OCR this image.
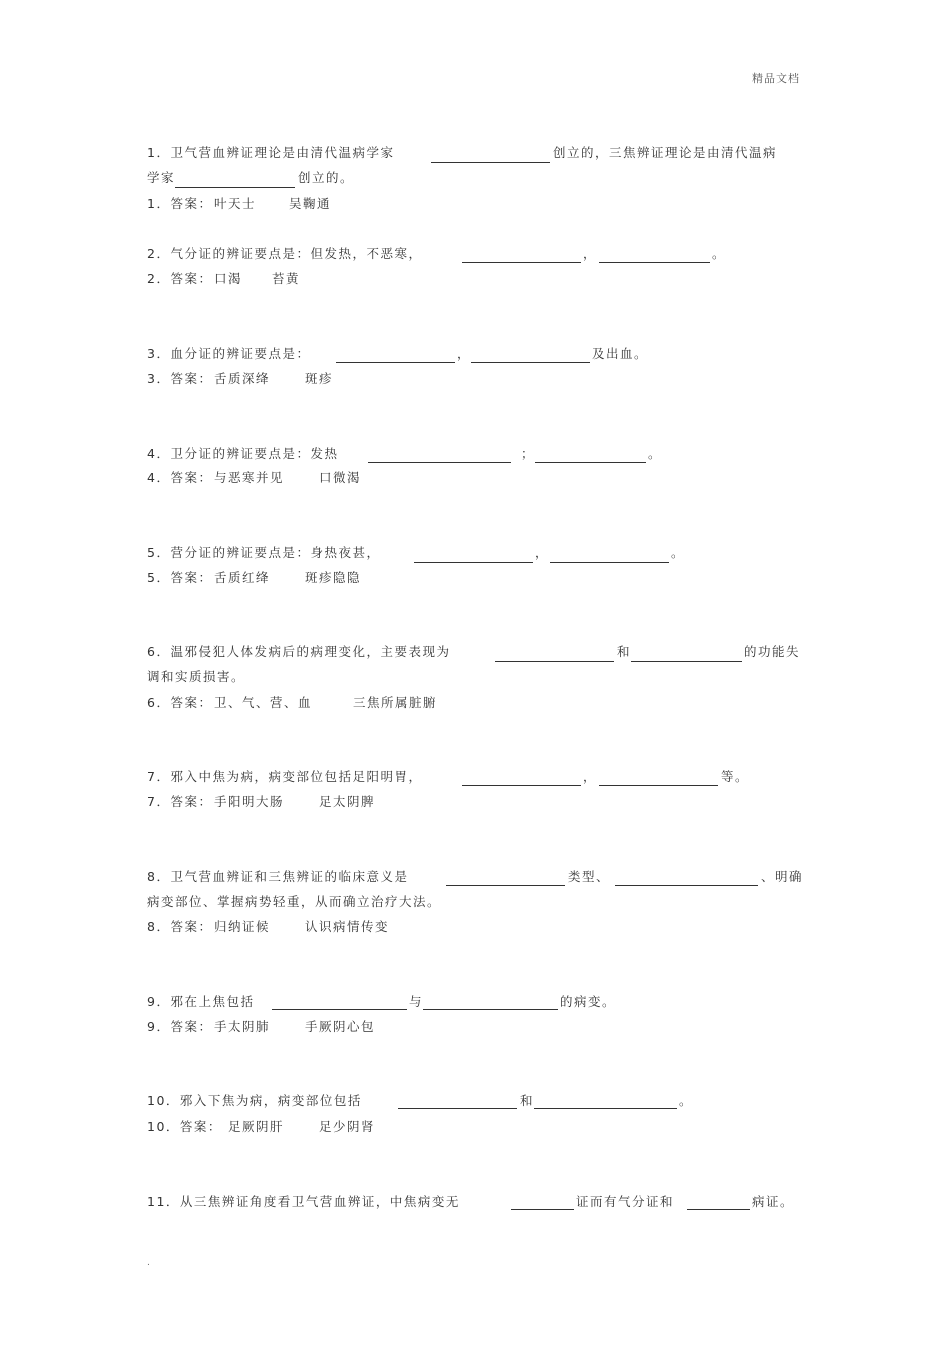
精品文档
1．卫气营血辨证理论是由清代温病学家	创立的，三焦辨证理论是由清代温病
学家	创立的。
1．答案： 叶天士	吴鞠通
2．气分证的辨证要点是：但发热，不恶寒，	，	。
2．答案： 口渴 苔黄
3．血分证的辨证要点是：	，	及出血。
3．答案： 舌质深绛	斑疹
4．卫分证的辨证要点是：发热	；	。
4．答案： 与恶寒并见	口微渴
5．营分证的辨证要点是：身热夜甚，	，	。
5．答案： 舌质红绛	斑疹隐隐
6．温邪侵犯人体发病后的病理变化，主要表现为	和	的功能失
调和实质损害。
6．答案： 卫、气、营、血	三焦所属脏腑
7．邪入中焦为病，病变部位包括足阳明胃，	，	等。
7．答案： 手阳明大肠	足太阴脾
8．卫气营血辨证和三焦辨证的临床意义是	类型、	、明确
病变部位、掌握病势轻重，从而确立治疗大法。
8．答案： 归纳证候	认识病情传变
9．邪在上焦包括	与	的病变。
9．答案： 手太阴肺	手厥阴心包
10．邪入下焦为病，病变部位包括	和	。
10．答案： 足厥阴肝	足少阴肾
11．从三焦辨证角度看卫气营血辨证，中焦病变无	证而有气分证和	病证。
.
